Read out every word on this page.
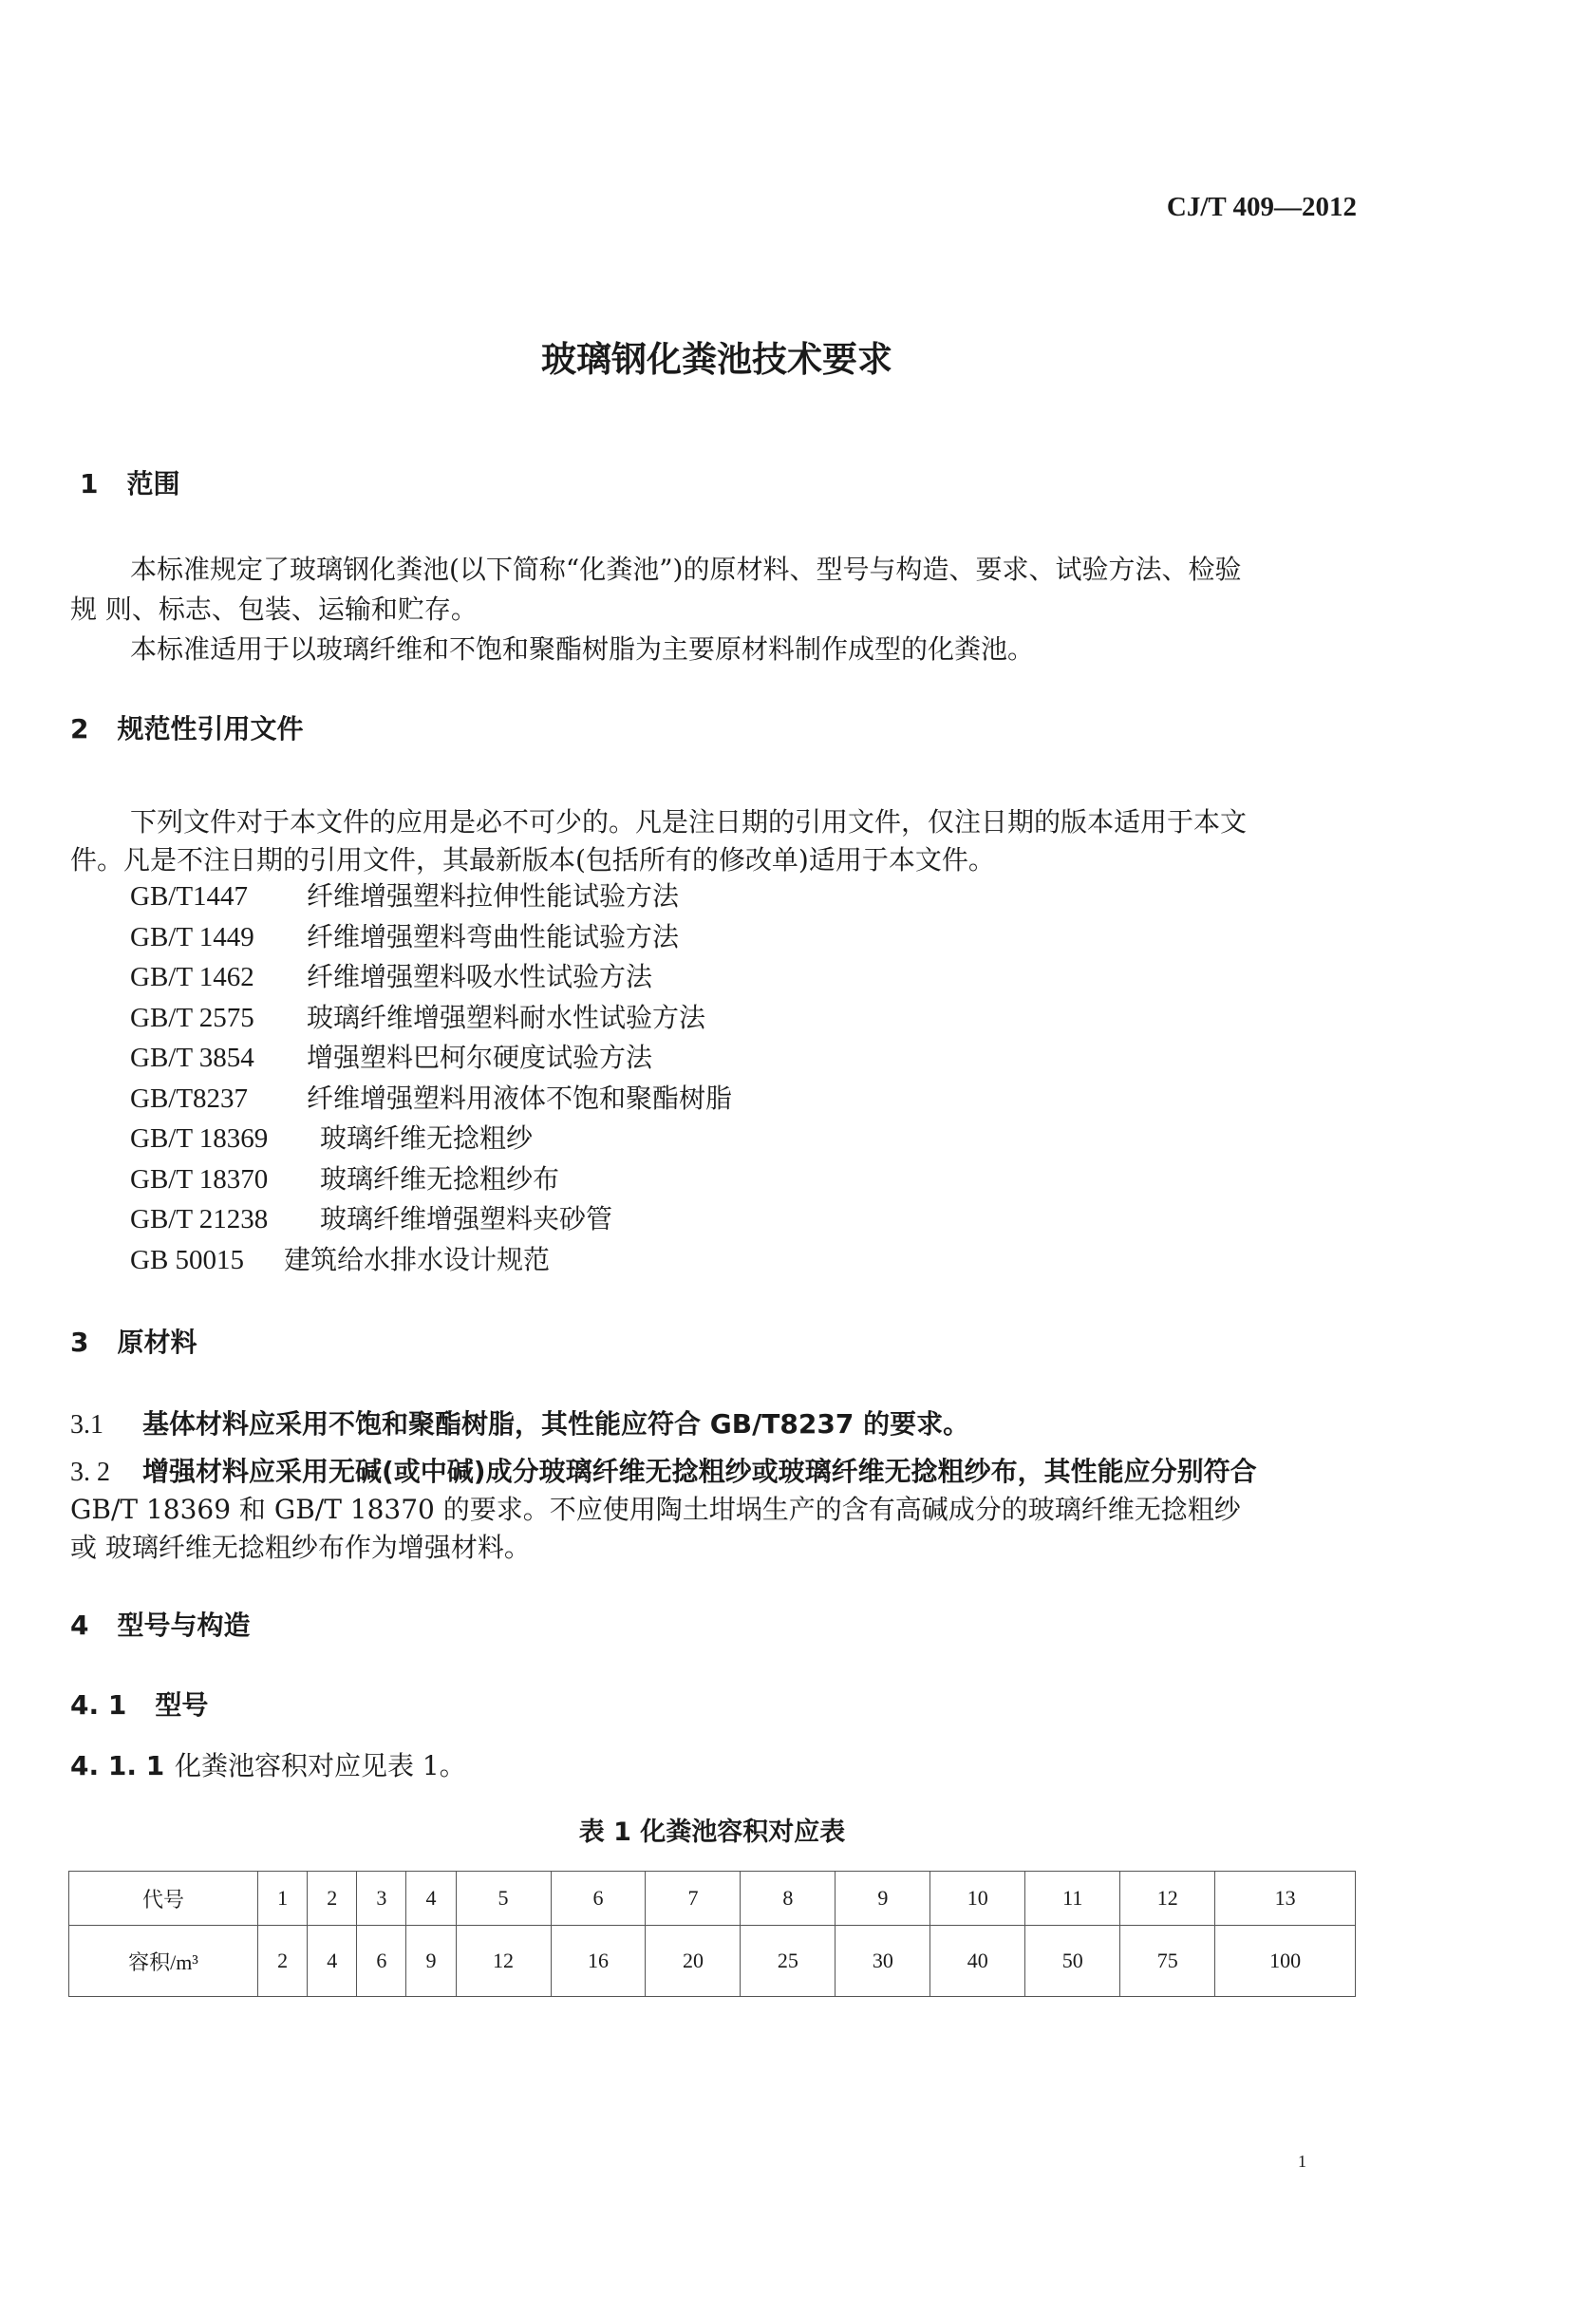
CJ/T 409—2012
玻璃钢化粪池技术要求
1 范围
本标准规定了玻璃钢化粪池(以下简称“化粪池”)的原材料、型号与构造、要求、试验方法、检验
规 则、标志、包装、运输和贮存。
本标准适用于以玻璃纤维和不饱和聚酯树脂为主要原材料制作成型的化粪池。
2 规范性引用文件
下列文件对于本文件的应用是必不可少的。凡是注日期的引用文件，仅注日期的版本适用于本文
件。凡是不注日期的引用文件，其最新版本(包括所有的修改单)适用于本文件。
GB/T1447 纤维增强塑料拉伸性能试验方法
GB/T 1449 纤维增强塑料弯曲性能试验方法
GB/T 1462 纤维增强塑料吸水性试验方法
GB/T 2575 玻璃纤维增强塑料耐水性试验方法
GB/T 3854 增强塑料巴柯尔硬度试验方法
GB/T8237 纤维增强塑料用液体不饱和聚酯树脂
GB/T 18369 玻璃纤维无捻粗纱
GB/T 18370 玻璃纤维无捻粗纱布
GB/T 21238 玻璃纤维增强塑料夹砂管
GB 50015 建筑给水排水设计规范
3 原材料
3.1 基体材料应采用不饱和聚酯树脂，其性能应符合 GB/T8237 的要求。
3. 2 增强材料应采用无碱(或中碱)成分玻璃纤维无捻粗纱或玻璃纤维无捻粗纱布，其性能应分别符合
GB/T 18369 和 GB/T 18370 的要求。不应使用陶土坩埚生产的含有高碱成分的玻璃纤维无捻粗纱
或 玻璃纤维无捻粗纱布作为增强材料。
4 型号与构造
4. 1 型号
4. 1. 1 化粪池容积对应见表 1。
表 1 化粪池容积对应表
代号	1	2	3	4	5	6	7	8	9	10	11	12	13
容积/m³	2	4	6	9	12	16	20	25	30	40	50	75	100
1
